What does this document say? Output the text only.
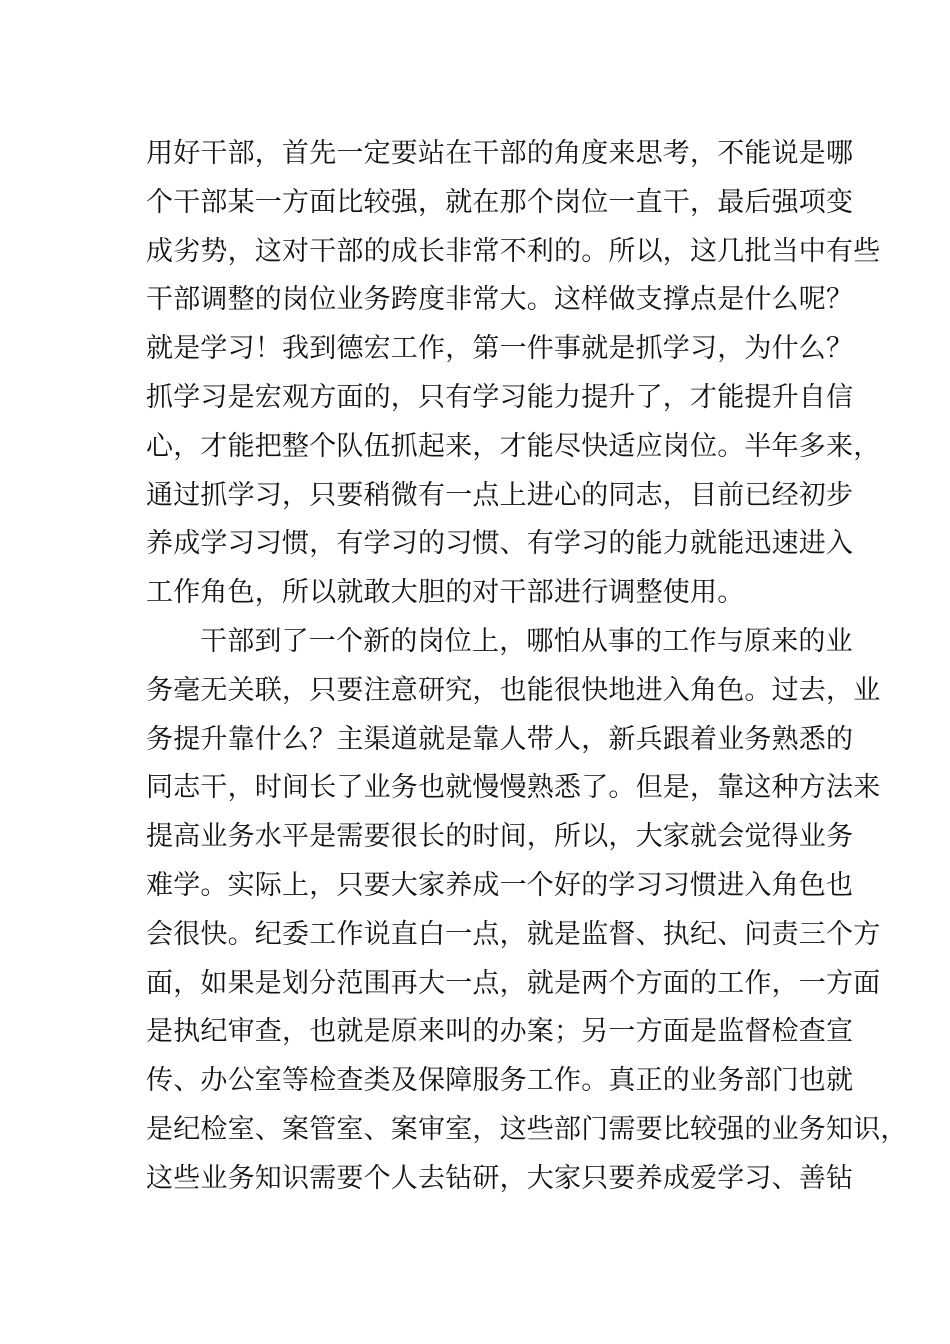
用好干部，首先一定要站在干部的角度来思考，不能说是哪
个干部某一方面比较强，就在那个岗位一直干，最后强项变
成劣势，这对干部的成长非常不利的。所以，这几批当中有些
干部调整的岗位业务跨度非常大。这样做支撑点是什么呢？
就是学习！我到德宏工作，第一件事就是抓学习，为什么？
抓学习是宏观方面的，只有学习能力提升了，才能提升自信
心，才能把整个队伍抓起来，才能尽快适应岗位。半年多来，
通过抓学习，只要稍微有一点上进心的同志，目前已经初步
养成学习习惯，有学习的习惯、有学习的能力就能迅速进入
工作角色，所以就敢大胆的对干部进行调整使用。
干部到了一个新的岗位上，哪怕从事的工作与原来的业
务毫无关联，只要注意研究，也能很快地进入角色。过去，业
务提升靠什么？主渠道就是靠人带人，新兵跟着业务熟悉的
同志干，时间长了业务也就慢慢熟悉了。但是，靠这种方法来
提高业务水平是需要很长的时间，所以，大家就会觉得业务
难学。实际上，只要大家养成一个好的学习习惯进入角色也
会很快。纪委工作说直白一点，就是监督、执纪、问责三个方
面，如果是划分范围再大一点，就是两个方面的工作，一方面
是执纪审查，也就是原来叫的办案；另一方面是监督检查宣
传、办公室等检查类及保障服务工作。真正的业务部门也就
是纪检室、案管室、案审室，这些部门需要比较强的业务知识，
这些业务知识需要个人去钻研，大家只要养成爱学习、善钻
